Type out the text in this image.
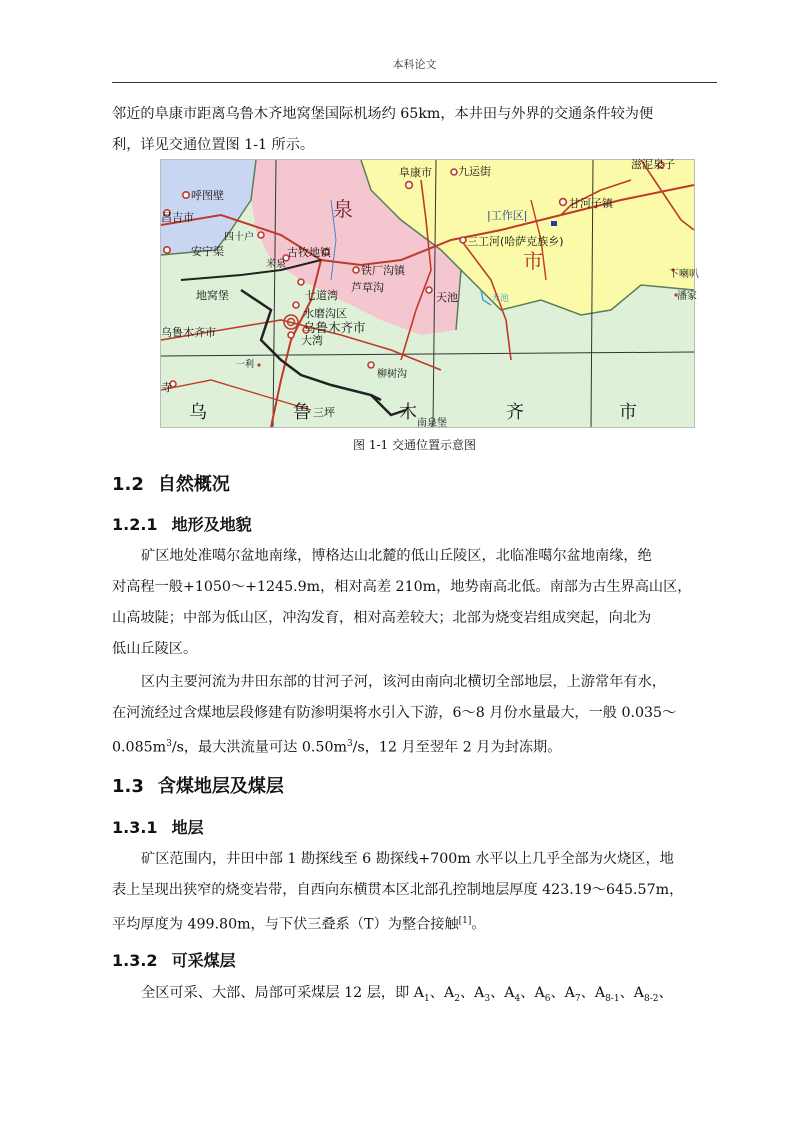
本科论文

邻近的阜康市距离乌鲁木齐地窝堡国际机场约 65km，本井田与外界的交通条件较为便
利，详见交通位置图 1-1 所示。

呼图壁
昌吉市
安宁渠
四十户
古牧地镇
米泉	铁厂沟镇
芦草沟
地窝堡	七道湾
水磨沟区
乌鲁木齐市
乌鲁木齐市
大湾
一利
寺
柳树沟
南泉堡
阜康市 九运街
滋泥泉子
甘河子镇
|工作区|
三工河(哈萨克族乡)
天池	天池
下喇叭
潘家
泉
市
乌	鲁 三坪	木	齐	市
图 1-1 交通位置示意图
1.2 自然概况
1.2.1 地形及地貌

矿区地处准噶尔盆地南缘，博格达山北麓的低山丘陵区，北临准噶尔盆地南缘，绝
对高程一般+1050～+1245.9m，相对高差 210m，地势南高北低。南部为古生界高山区，
山高坡陡；中部为低山区，冲沟发育，相对高差较大；北部为烧变岩组成突起，向北为
低山丘陵区。

区内主要河流为井田东部的甘河子河，该河由南向北横切全部地层，上游常年有水，
在河流经过含煤地层段修建有防渗明渠将水引入下游，6～8 月份水量最大，一般 0.035～
$0.085m^3/s$，最大洪流量可达 $0.50m^3/s$，12 月至翌年 2 月为封冻期。

1.3 含煤地层及煤层
1.3.1 地层

矿区范围内，井田中部 1 勘探线至 6 勘探线+700m 水平以上几乎全部为火烧区，地
表上呈现出狭窄的烧变岩带，自西向东横贯本区北部孔控制地层厚度 423.19～645.57m，
平均厚度为 499.80m，与下伏三叠系（T）为整合接触[1]。

1.3.2 可采煤层

全区可采、大部、局部可采煤层 12 层，即 $A_1$、$A_2$、$A_3$、$A_4$、$A_6$、$A_7$、$A_{8-1}$、$A_{8-2}$、
